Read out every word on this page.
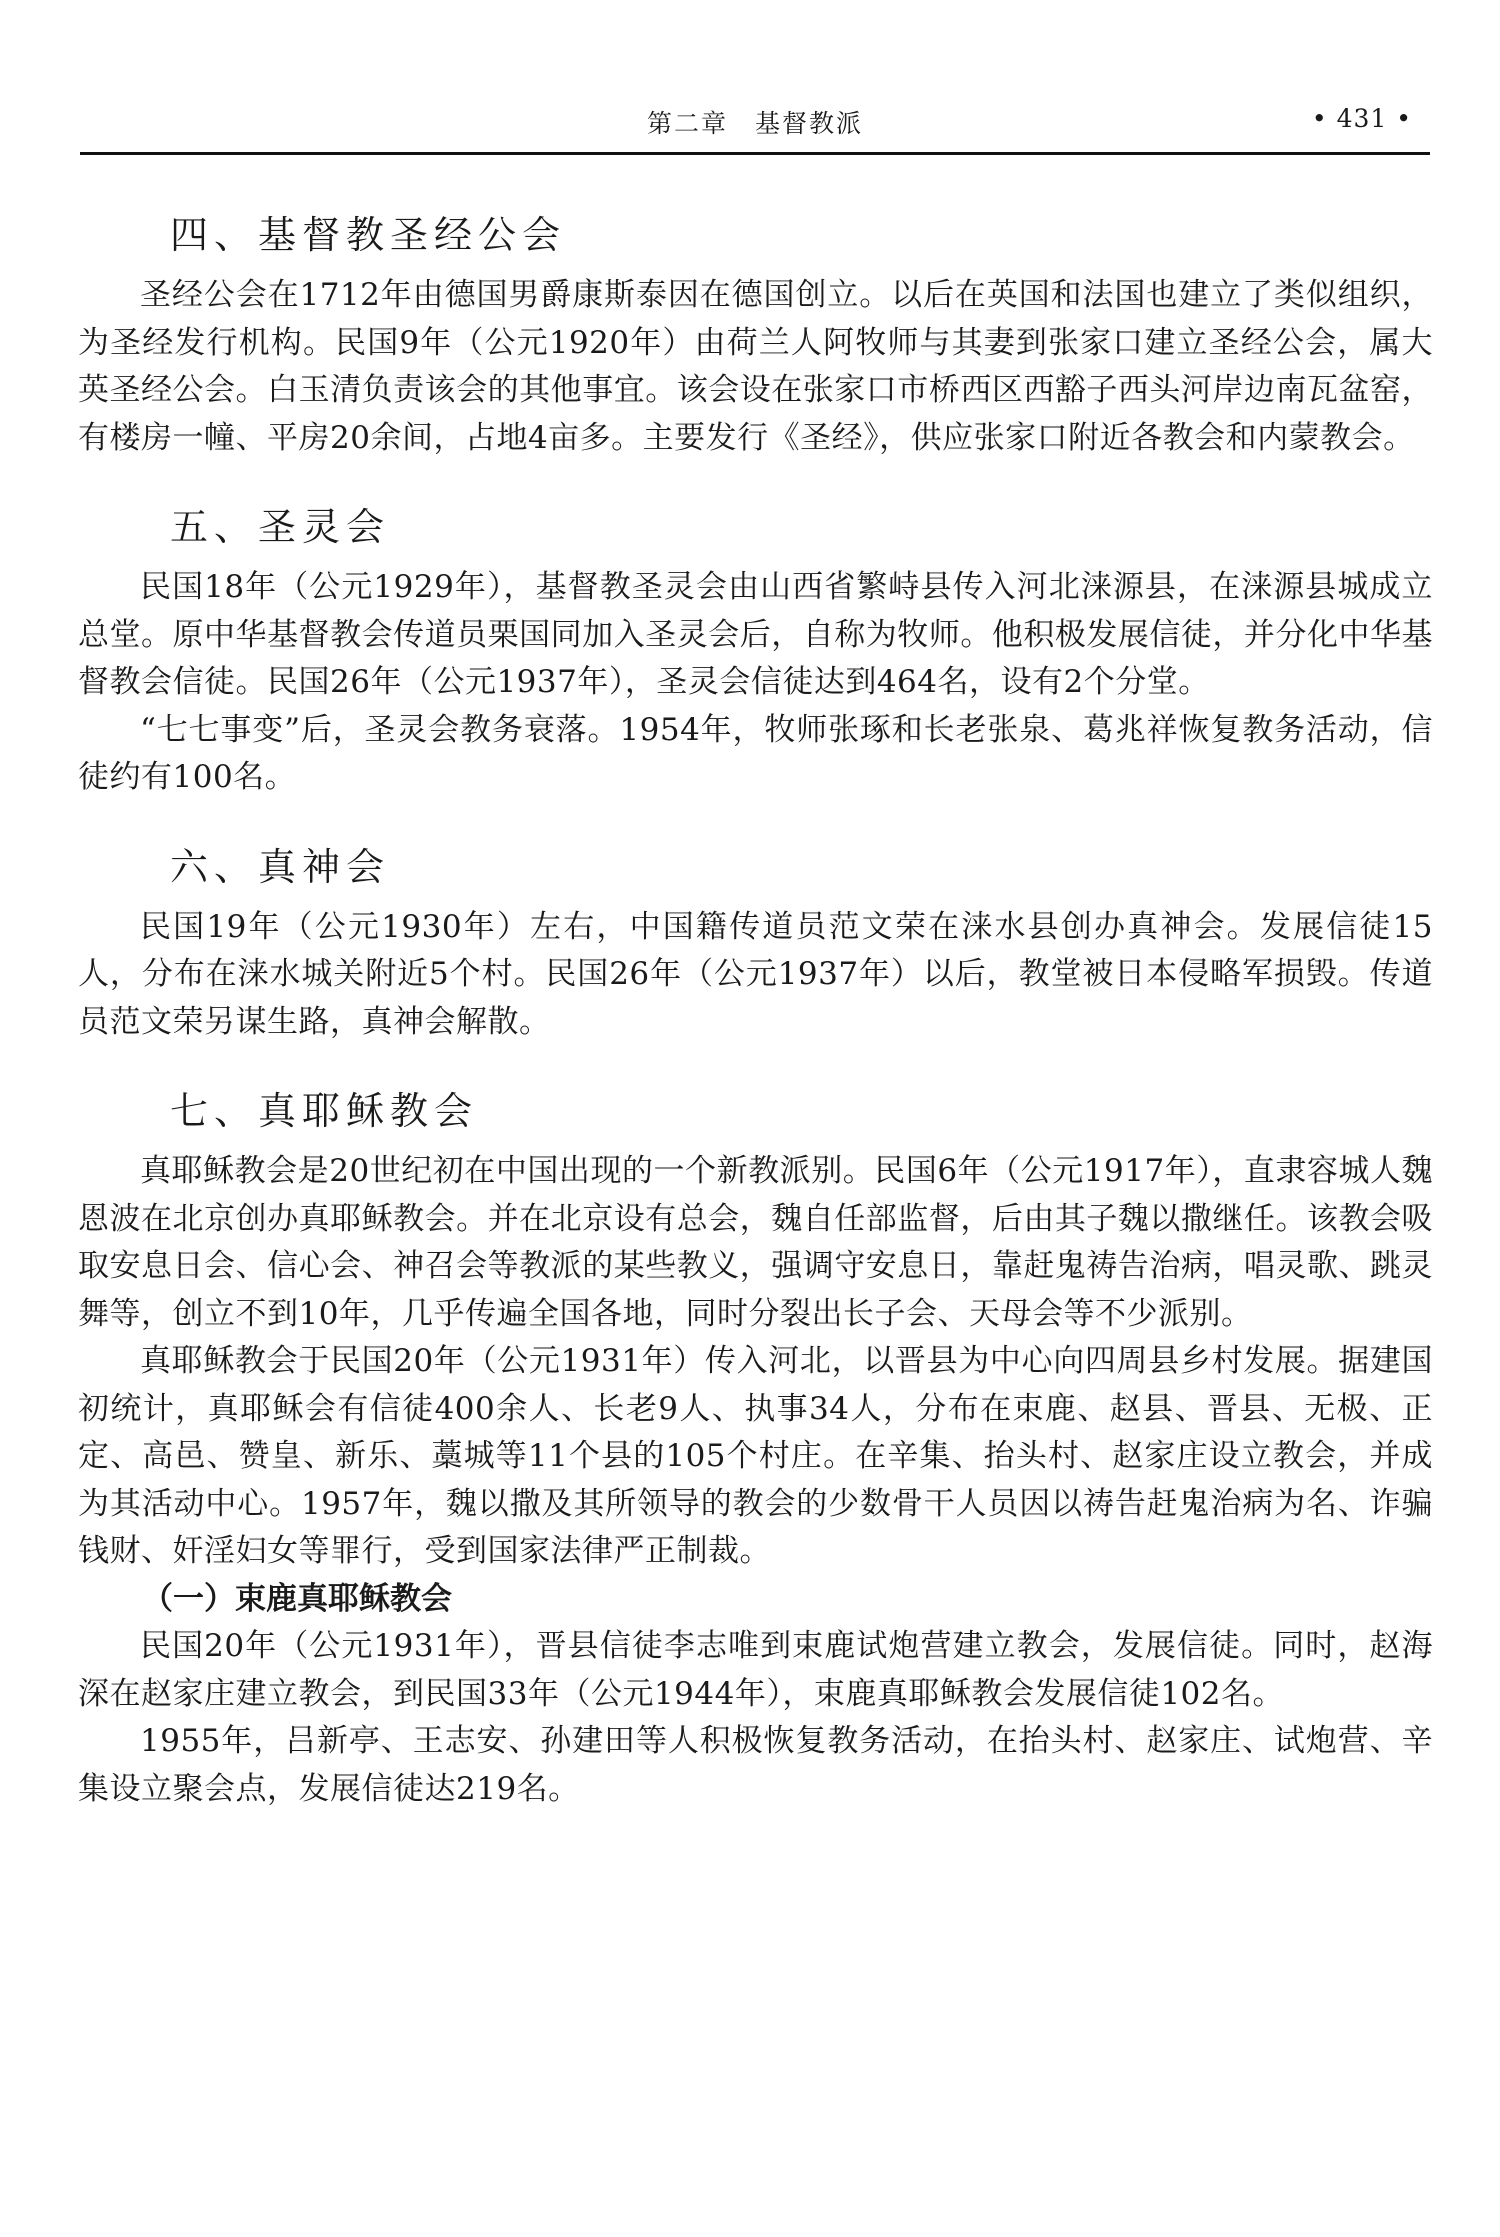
第二章　基督教派	• 431 •
四、基督教圣经公会

圣经公会在1712年由德国男爵康斯泰因在德国创立。以后在英国和法国也建立了类似组织，为圣经发行机构。民国9年（公元1920年）由荷兰人阿牧师与其妻到张家口建立圣经公会，属大英圣经公会。白玉清负责该会的其他事宜。该会设在张家口市桥西区西豁子西头河岸边南瓦盆窑，有楼房一幢、平房20余间，占地4亩多。主要发行《圣经》，供应张家口附近各教会和内蒙教会。

五、圣灵会

民国18年（公元1929年），基督教圣灵会由山西省繁峙县传入河北涞源县，在涞源县城成立总堂。原中华基督教会传道员栗国同加入圣灵会后，自称为牧师。他积极发展信徒，并分化中华基督教会信徒。民国26年（公元1937年），圣灵会信徒达到464名，设有2个分堂。

“七七事变”后，圣灵会教务衰落。1954年，牧师张琢和长老张泉、葛兆祥恢复教务活动，信徒约有100名。

六、真神会

民国19年（公元1930年）左右，中国籍传道员范文荣在涞水县创办真神会。发展信徒15人，分布在涞水城关附近5个村。民国26年（公元1937年）以后，教堂被日本侵略军损毁。传道员范文荣另谋生路，真神会解散。

七、真耶稣教会

真耶稣教会是20世纪初在中国出现的一个新教派别。民国6年（公元1917年），直隶容城人魏恩波在北京创办真耶稣教会。并在北京设有总会，魏自任部监督，后由其子魏以撒继任。该教会吸取安息日会、信心会、神召会等教派的某些教义，强调守安息日，靠赶鬼祷告治病，唱灵歌、跳灵舞等，创立不到10年，几乎传遍全国各地，同时分裂出长子会、天母会等不少派别。

真耶稣教会于民国20年（公元1931年）传入河北，以晋县为中心向四周县乡村发展。据建国初统计，真耶稣会有信徒400余人、长老9人、执事34人，分布在束鹿、赵县、晋县、无极、正定、高邑、赞皇、新乐、藁城等11个县的105个村庄。在辛集、抬头村、赵家庄设立教会，并成为其活动中心。1957年，魏以撒及其所领导的教会的少数骨干人员因以祷告赶鬼治病为名、诈骗钱财、奸淫妇女等罪行，受到国家法律严正制裁。

（一）束鹿真耶稣教会

民国20年（公元1931年），晋县信徒李志唯到束鹿试炮营建立教会，发展信徒。同时，赵海深在赵家庄建立教会，到民国33年（公元1944年），束鹿真耶稣教会发展信徒102名。

1955年，吕新亭、王志安、孙建田等人积极恢复教务活动，在抬头村、赵家庄、试炮营、辛集设立聚会点，发展信徒达219名。
